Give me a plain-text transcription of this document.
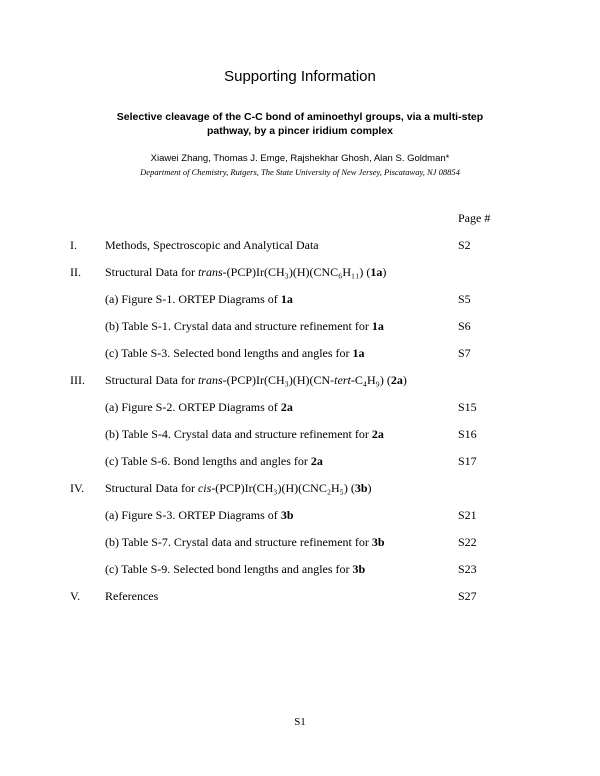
Supporting Information
Selective cleavage of the C-C bond of aminoethyl groups, via a multi-step pathway, by a pincer iridium complex
Xiawei Zhang, Thomas J. Emge, Rajshekhar Ghosh, Alan S. Goldman*
Department of Chemistry, Rutgers, The State University of New Jersey, Piscataway, NJ 08854
Page #
I. Methods, Spectroscopic and Analytical Data	S2
II. Structural Data for trans-(PCP)Ir(CH₃)(H)(CNC₆H₁₁) (1a)
(a) Figure S-1. ORTEP Diagrams of 1a	S5
(b) Table S-1. Crystal data and structure refinement for 1a	S6
(c) Table S-3. Selected bond lengths and angles for 1a	S7
III. Structural Data for trans-(PCP)Ir(CH₃)(H)(CN-tert-C₄H₉) (2a)
(a) Figure S-2. ORTEP Diagrams of 2a	S15
(b) Table S-4. Crystal data and structure refinement for 2a	S16
(c) Table S-6. Bond lengths and angles for 2a	S17
IV. Structural Data for cis-(PCP)Ir(CH₃)(H)(CNC₂H₅) (3b)
(a) Figure S-3. ORTEP Diagrams of 3b	S21
(b) Table S-7. Crystal data and structure refinement for 3b	S22
(c) Table S-9. Selected bond lengths and angles for 3b	S23
V. References	S27
S1
